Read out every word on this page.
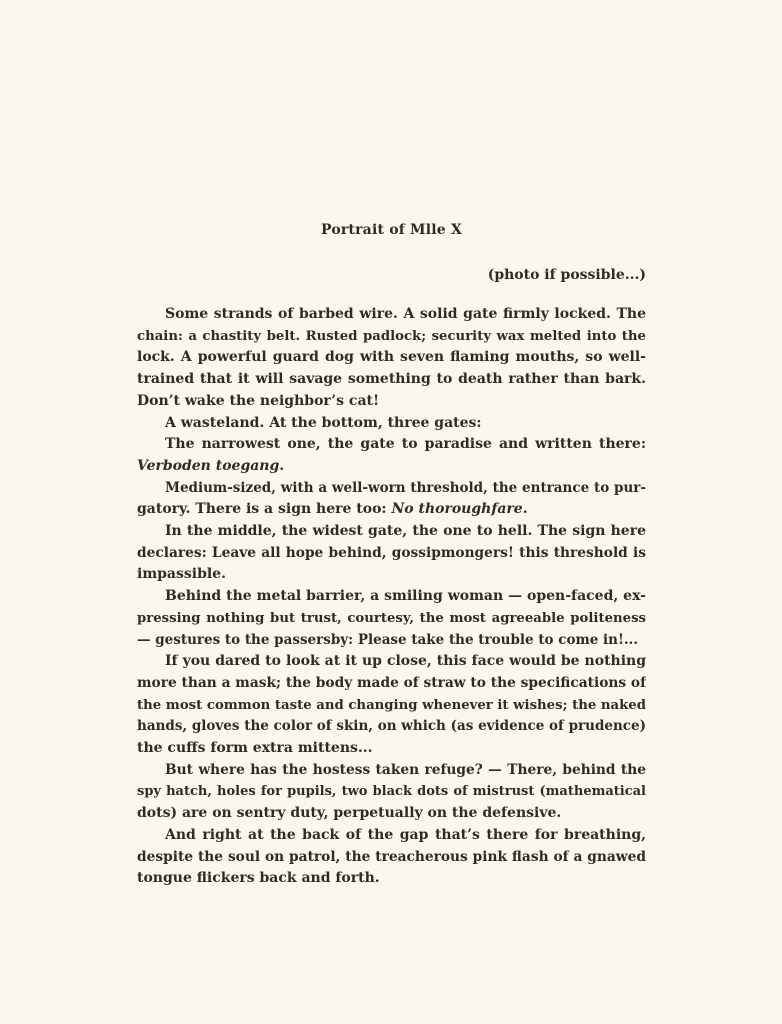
Portrait of Mlle X
(photo if possible...)
Some strands of barbed wire. A solid gate firmly locked. The
chain: a chastity belt. Rusted padlock; security wax melted into the
lock. A powerful guard dog with seven flaming mouths, so well-
trained that it will savage something to death rather than bark.
Don’t wake the neighbor’s cat!
A wasteland. At the bottom, three gates:
The narrowest one, the gate to paradise and written there:
Verboden toegang.
Medium-sized, with a well-worn threshold, the entrance to pur-
gatory. There is a sign here too: No thoroughfare.
In the middle, the widest gate, the one to hell. The sign here
declares: Leave all hope behind, gossipmongers! this threshold is
impassible.
Behind the metal barrier, a smiling woman — open-faced, ex-
pressing nothing but trust, courtesy, the most agreeable politeness
— gestures to the passersby: Please take the trouble to come in!...
If you dared to look at it up close, this face would be nothing
more than a mask; the body made of straw to the specifications of
the most common taste and changing whenever it wishes; the naked
hands, gloves the color of skin, on which (as evidence of prudence)
the cuffs form extra mittens...
But where has the hostess taken refuge? — There, behind the
spy hatch, holes for pupils, two black dots of mistrust (mathematical
dots) are on sentry duty, perpetually on the defensive.
And right at the back of the gap that’s there for breathing,
despite the soul on patrol, the treacherous pink flash of a gnawed
tongue flickers back and forth.
